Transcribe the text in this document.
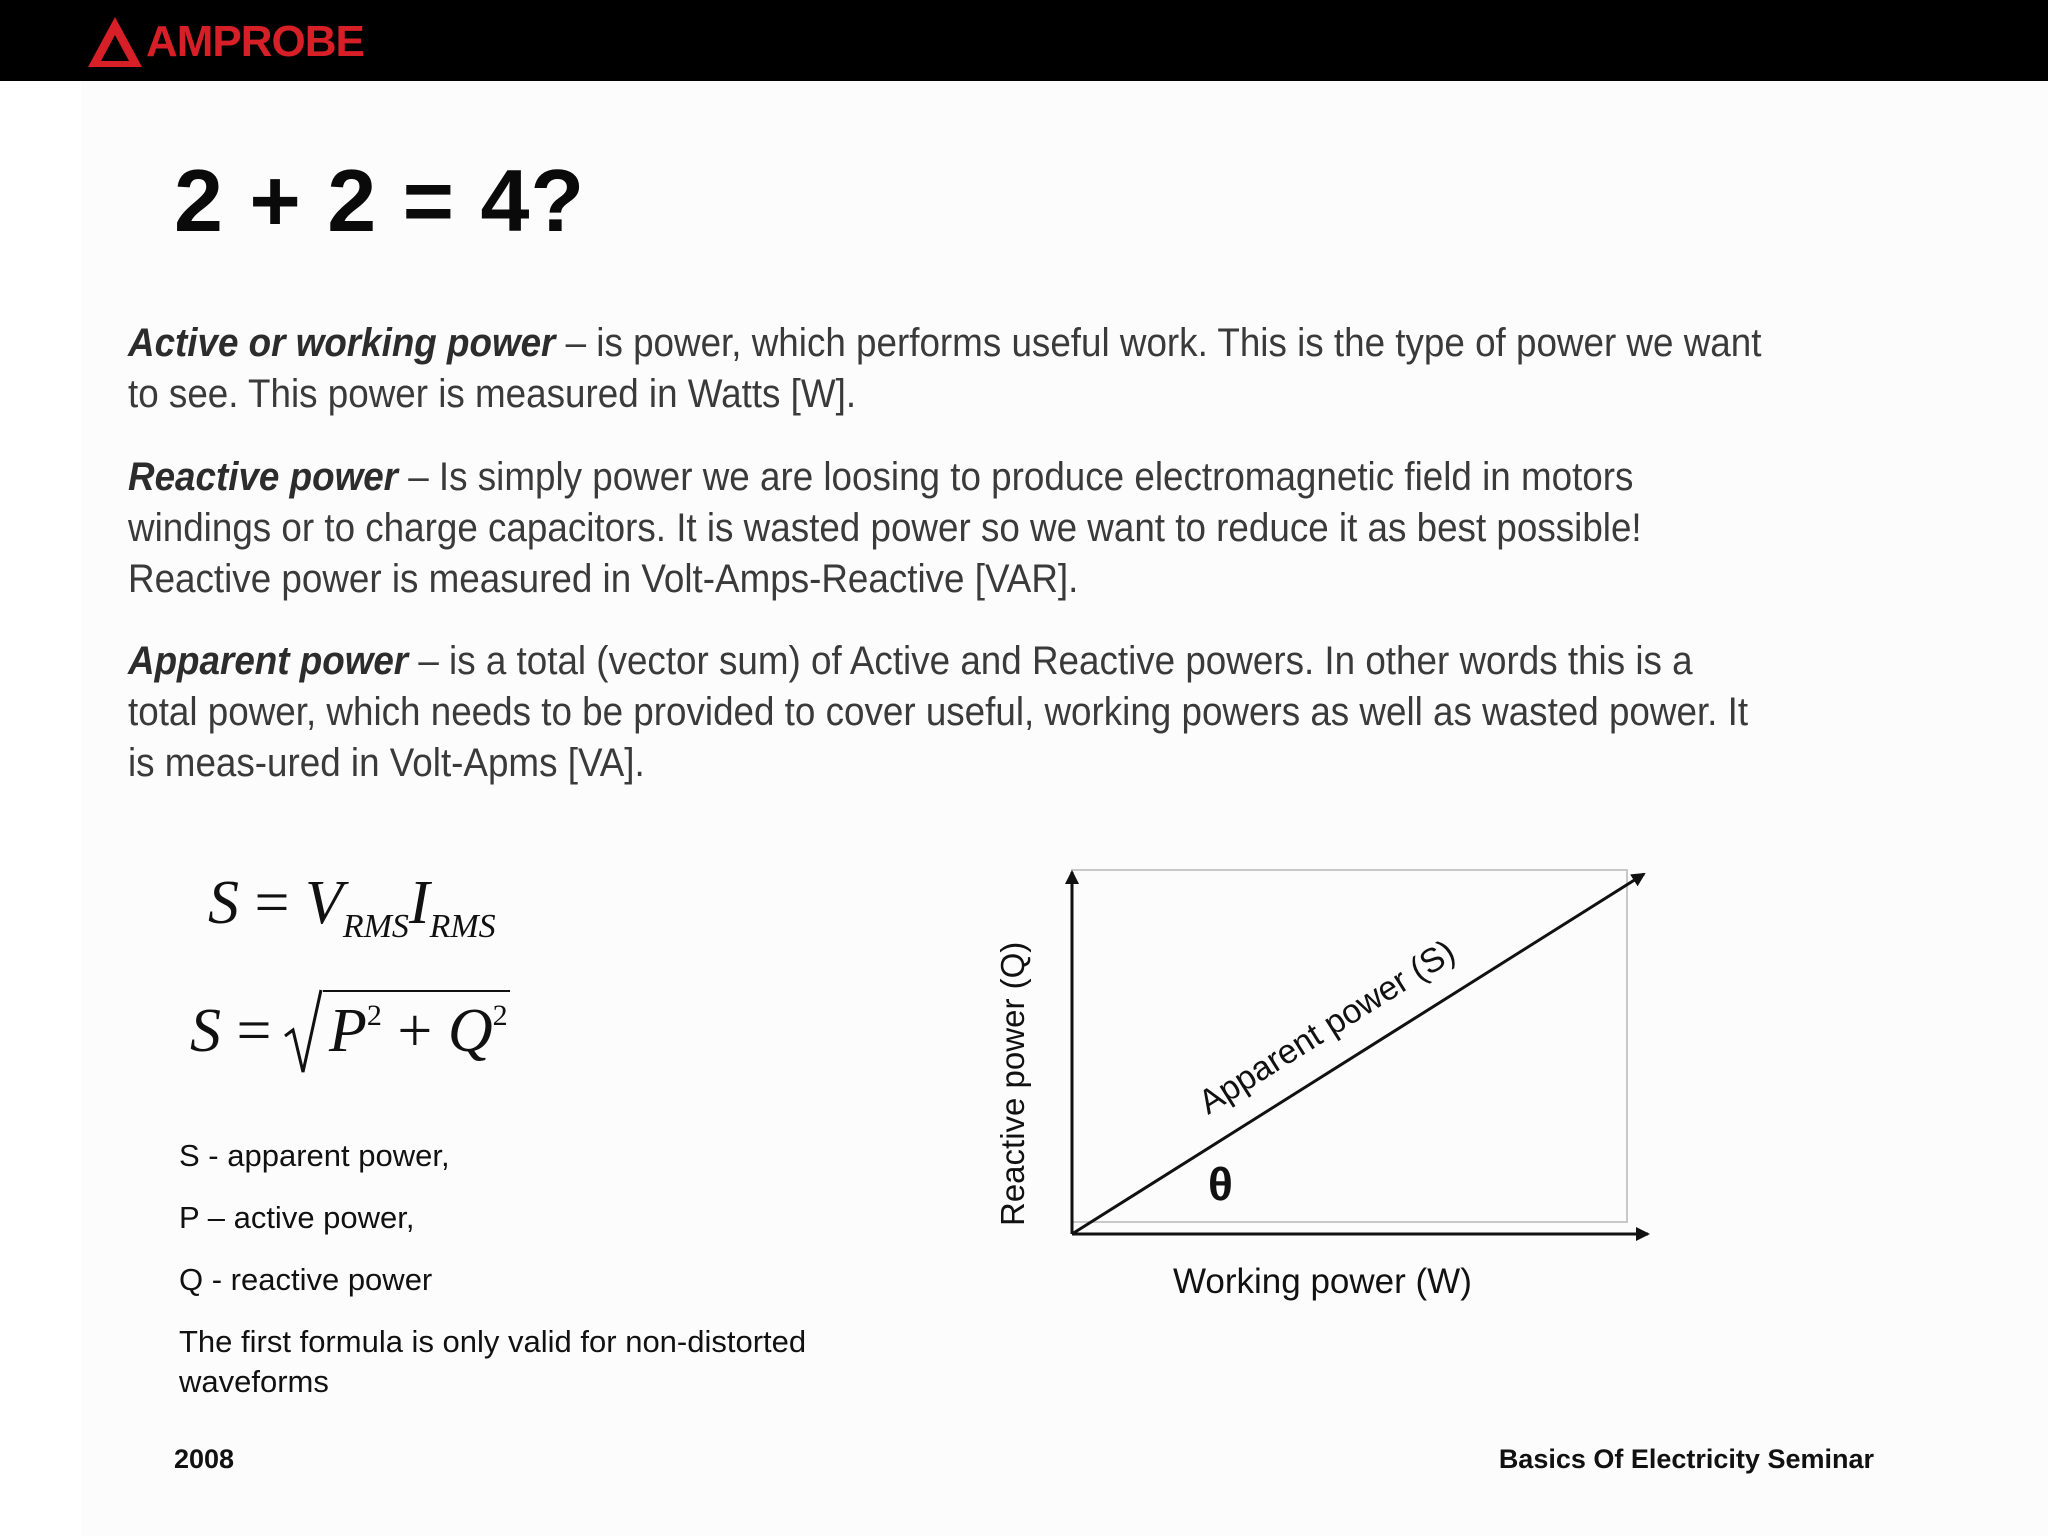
AMPROBE
2 + 2 = 4?

Active or working power – is power, which performs useful work. This is the type of power we want to see. This power is measured in Watts [W].

Reactive power – Is simply power we are loosing to produce electromagnetic field in motors windings or to charge capacitors. It is wasted power so we want to reduce it as best possible! Reactive power is measured in Volt-Amps-Reactive [VAR].

Apparent power – is a total (vector sum) of Active and Reactive powers. In other words this is a total power, which needs to be provided to cover useful, working powers as well as wasted power. It is meas-ured in Volt-Apms [VA].

$S = V_{RMS}I_{RMS}$
S =
$P^2 + Q^2$

S - apparent power,

P – active power,

Q - reactive power

The first formula is only valid for non-distorted waveforms

Reactive power (Q)
Working power (W)
Apparent power (S)
θ

2008	Basics Of Electricity Seminar
